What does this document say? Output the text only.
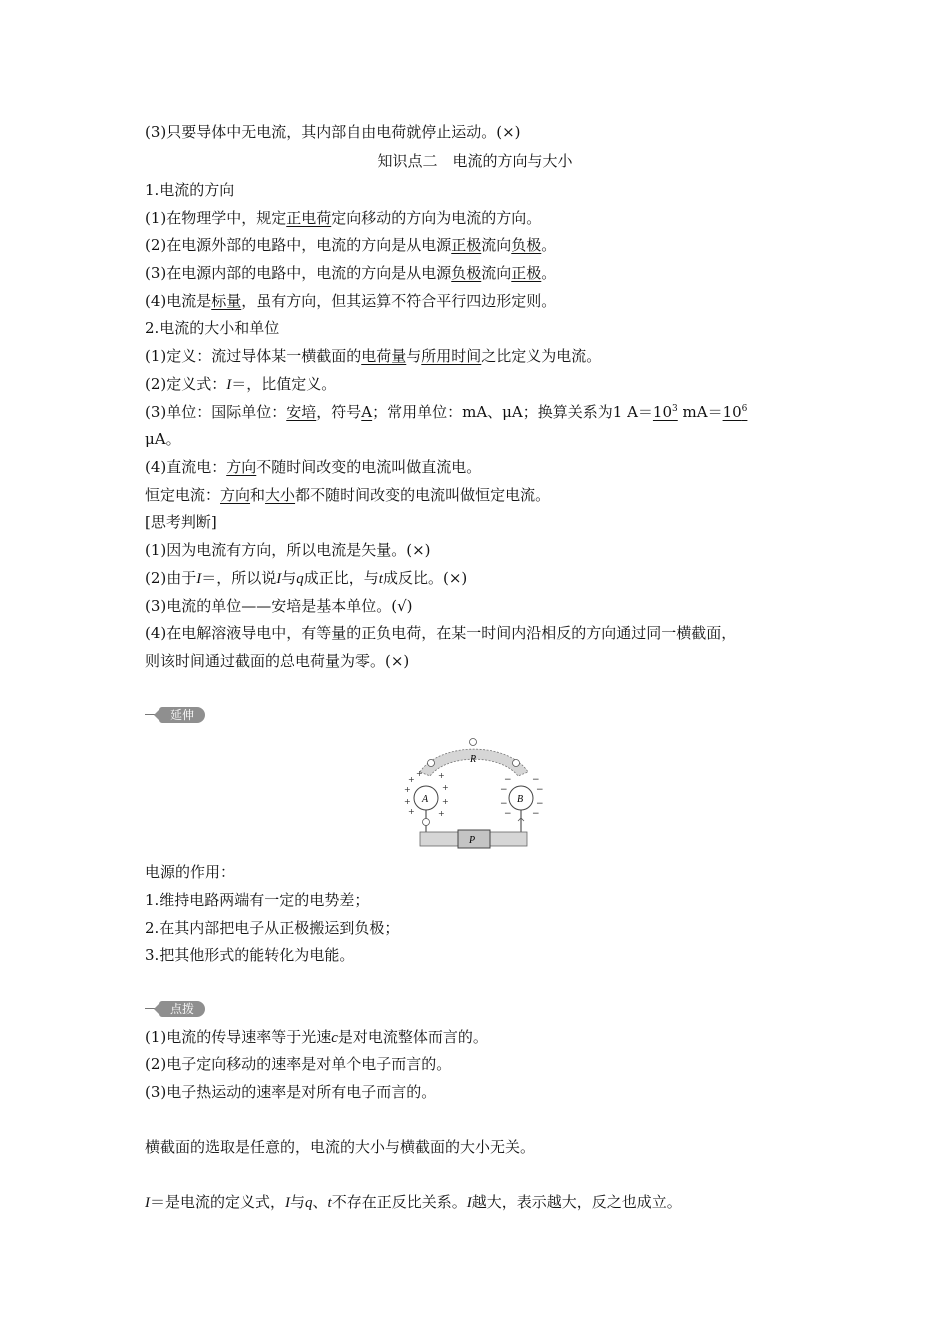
(3)只要导体中无电流，其内部自由电荷就停止运动。(×)
知识点二　电流的方向与大小
1.电流的方向
(1)在物理学中，规定正电荷定向移动的方向为电流的方向。
(2)在电源外部的电路中，电流的方向是从电源正极流向负极。
(3)在电源内部的电路中，电流的方向是从电源负极流向正极。
(4)电流是标量，虽有方向，但其运算不符合平行四边形定则。
2.电流的大小和单位
(1)定义：流过导体某一横截面的电荷量与所用时间之比定义为电流。
(2)定义式：I＝，比值定义。
(3)单位：国际单位：安培，符号A；常用单位：mA、μA；换算关系为1 $A=10^3$ $mA=10^6$
μA。
(4)直流电：方向不随时间改变的电流叫做直流电。
恒定电流：方向和大小都不随时间改变的电流叫做恒定电流。
[思考判断]
(1)因为电流有方向，所以电流是矢量。(×)
(2)由于I＝，所以说I与q成正比，与t成反比。(×)
(3)电流的单位——安培是基本单位。(√)
(4)在电解溶液导电中，有等量的正负电荷，在某一时间内沿相反的方向通过同一横截面，
则该时间通过截面的总电荷量为零。(×)
延伸
R
P
A	B
+
+
+
+
+ +
+
+
+
−
−
−
−
−
−
−
−
电源的作用：
1.维持电路两端有一定的电势差；
2.在其内部把电子从正极搬运到负极；
3.把其他形式的能转化为电能。
点拨
(1)电流的传导速率等于光速c是对电流整体而言的。
(2)电子定向移动的速率是对单个电子而言的。
(3)电子热运动的速率是对所有电子而言的。
横截面的选取是任意的，电流的大小与横截面的大小无关。
I＝是电流的定义式，I与q、t不存在正反比关系。I越大，表示越大，反之也成立。
